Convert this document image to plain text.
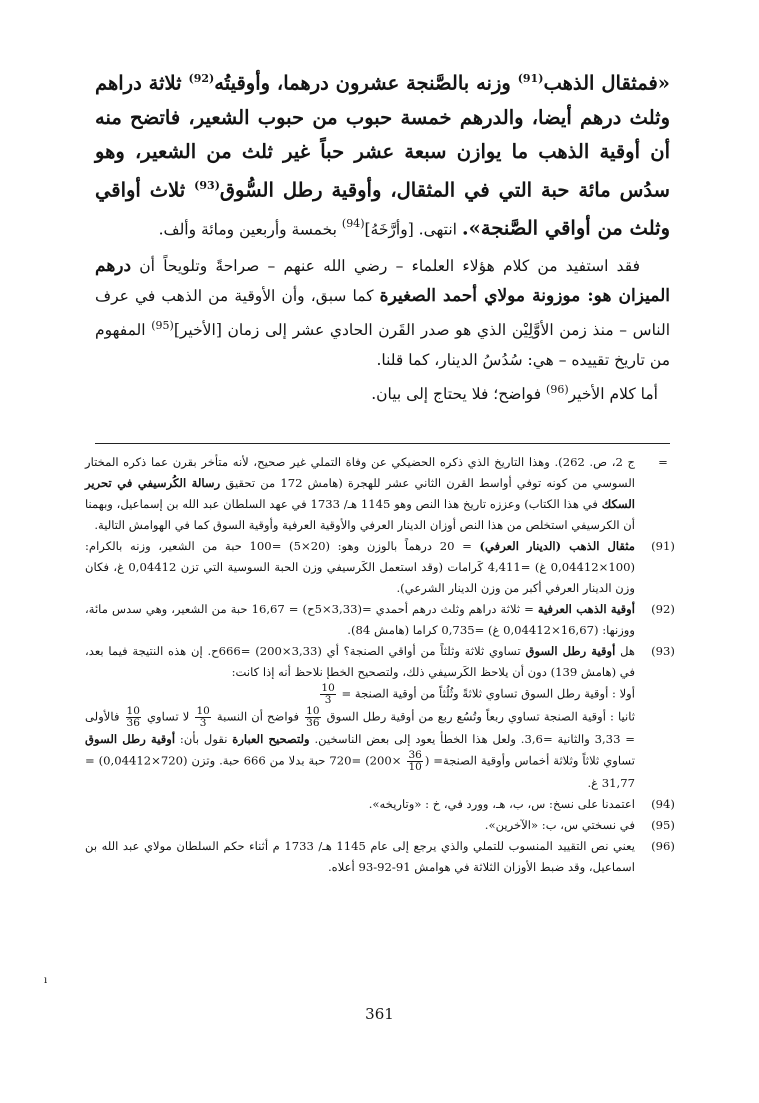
«فمثقال الذهب$^{(91)}$ وزنه بالصَّنجة عشرون درهما، وأوقيتُه$^{(92)}$ ثلاثة دراهم وثلث درهم أيضا، والدرهم خمسة حبوب من حبوب الشعير، فاتضح منه أن أوقية الذهب ما يوازن سبعة عشر حباً غير ثلث من الشعير، وهو سدُس مائة حبة التي في المثقال، وأوقية رطل السُّوق$^{(93)}$ ثلاث أواقي وثلث من أواقي الصَّنجة». انتهى. [وأرَّخَهُ]$^{(94)}$ بخمسة وأربعين ومائة وألف.

فقد استفيد من كلام هؤلاء العلماء – رضي الله عنهم – صراحةً وتلويحاً أن درهم الميزان هو: موزونة مولاي أحمد الصغيرة كما سبق، وأن الأوقية من الذهب في عرف الناس – منذ زمن الأوَّلِيْن الذي هو صدر القَرن الحادي عشر إلى زمان [الأخير]$^{(95)}$ المفهوم من تاريخ تقييده – هي: سُدُسُ الدينار، كما قلنا.

أما كلام الأخير$^{(96)}$ فواضح؛ فلا يحتاج إلى بيان.

=
ج 2، ص. 262). وهذا التاريخ الذي ذكره الحضيكي عن وفاة التملي غير صحيح، لأنه متأخر بقرن عما ذكره المختار السوسي من كونه توفي أواسط القرن الثاني عشر للهجرة (هامش 172 من تحقيق رسالة الكُرسيفي في تحرير السكك في هذا الكتاب) وعززه تاريخ هذا النص وهو 1145 هـ/ 1733 في عهد السلطان عبد الله بن إسماعيل، وبهمنا أن الكرسيفي استخلص من هذا النص أوزان الدينار العرفي والأوقية العرفية وأوقية السوق كما في الهوامش التالية.
(91)
مثقال الذهب (الدينار العرفي) = 20 درهماً بالوزن وهو: (20×5) =100 حبة من الشعير، وزنه بالكرام: (100×0,04412 غ) =4,411 كَرامات (وقد استعمل الكَرسيفي وزن الحبة السوسية التي تزن 0,04412 غ، فكان وزن الدينار العرفي أكبر من وزن الدينار الشرعي).
(92)
أوقية الذهب العرفية = ثلاثة دراهم وثلث درهم أحمدي =(3,33×5ح) = 16,67 حبة من الشعير، وهي سدس مائة، ووزنها: (16,67×0,04412 غ) =0,735 كراما (هامش 84).
(93)
هل أوقية رطل السوق تساوي ثلاثة وثلثاً من أواقي الصنجة؟ أي (3,33×200) =666ح. إن هذه النتيجة فيما بعد، في (هامش 139) دون أن يلاحظ الكَرسيفي ذلك، ولتصحيح الخطإ نلاحظ أنه إذا كانت:
أولا : أوقية رطل السوق تساوي ثلاثةً وثُلُثاً من أوقية الصنجة =
$\frac{10}{3}$
ثانيا : أوقية الصنجة تساوي ربعاً وتُسُع ربع من أوقية رطل السوق
$\frac{10}{36}$
فواضح أن النسبة
$\frac{10}{3}$
لا تساوي
$\frac{10}{36}$
فالأولى = 3,33 والثانية =3,6. ولعل هذا الخطأ يعود إلى بعض الناسخين. ولتصحيح العبارة نقول بأن: أوقية رطل السوق تساوي ثلاثاً وثلاثة أخماس وأوقية الصنجة= (
$\frac{36}{10}$
×200) =720 حبة بدلا من 666 حبة. وتزن (720×0,04412) = 31,77 غ.
(94)
اعتمدنا على نسخ: س، ب، هـ، وورد في، خ : «وتاريخه».
(95)
في نسختي س، ب: «الآخرين».
(96)
يعني نص التقييد المنسوب للتملي والذي يرجع إلى عام 1145 هـ/ 1733 م أثناء حكم السلطان مولاي عبد الله بن اسماعيل، وقد ضبط الأوزان الثلاثة في هوامش 91-92-93 أعلاه.
ı
361
